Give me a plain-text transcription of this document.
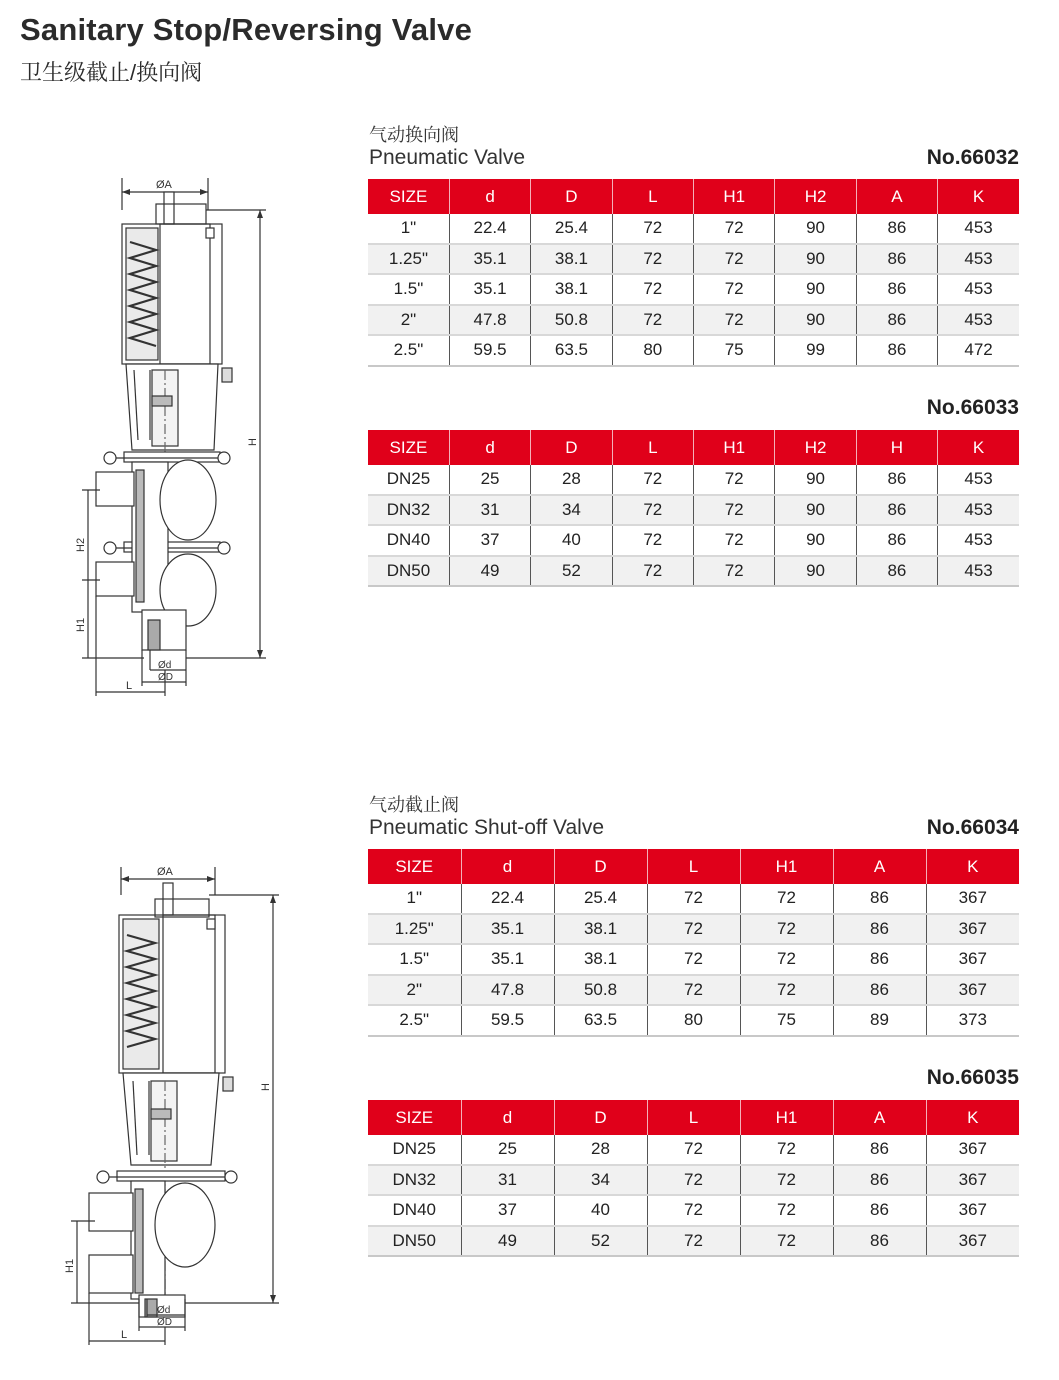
Sanitary Stop/Reversing Valve
卫生级截止/换向阀
ØA
H
H2
H1
Ød
ØD
L
气动换向阀
Pneumatic Valve	No.66032
SIZE	d	D	L	H1	H2	A	K
1"	22.4	25.4	72	72	90	86	453
1.25"	35.1	38.1	72	72	90	86	453
1.5"	35.1	38.1	72	72	90	86	453
2"	47.8	50.8	72	72	90	86	453
2.5"	59.5	63.5	80	75	99	86	472
No.66033
SIZE	d	D	L	H1	H2	H	K
DN25	25	28	72	72	90	86	453
DN32	31	34	72	72	90	86	453
DN40	37	40	72	72	90	86	453
DN50	49	52	72	72	90	86	453
ØA
H
H1
Ød
ØD
L
气动截止阀
Pneumatic Shut-off Valve	No.66034
SIZE	d	D	L	H1	A	K
1"	22.4	25.4	72	72	86	367
1.25"	35.1	38.1	72	72	86	367
1.5"	35.1	38.1	72	72	86	367
2"	47.8	50.8	72	72	86	367
2.5"	59.5	63.5	80	75	89	373
No.66035
SIZE	d	D	L	H1	A	K
DN25	25	28	72	72	86	367
DN32	31	34	72	72	86	367
DN40	37	40	72	72	86	367
DN50	49	52	72	72	86	367
